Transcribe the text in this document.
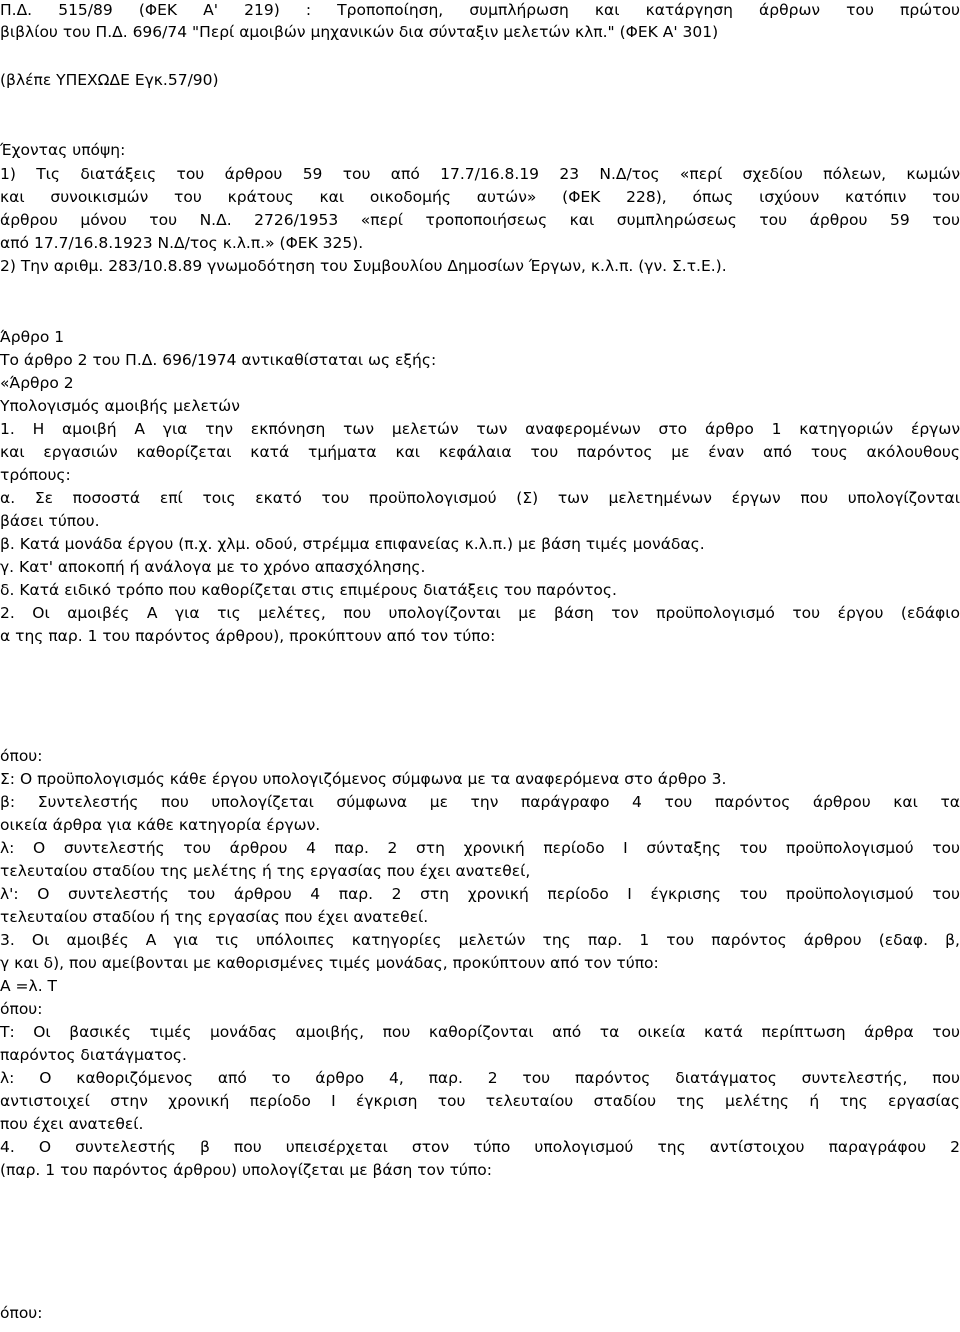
Π.Δ. 515/89 (ΦΕΚ Α' 219) : Τροποποίηση, συμπλήρωση και κατάργηση άρθρων του πρώτου
βιβλίου του Π.Δ. 696/74 "Περί αμοιβών μηχανικών δια σύνταξιν μελετών κλπ." (ΦΕΚ Α' 301)
(βλέπε ΥΠΕΧΩΔΕ Εγκ.57/90)
Έχοντας υπόψη:
1) Τις διατάξεις του άρθρου 59 του από 17.7/16.8.19 23 Ν.Δ/τος «περί σχεδίου πόλεων, κωμών
και συνοικισμών του κράτους και οικοδομής αυτών» (ΦΕΚ 228), όπως ισχύουν κατόπιν του
άρθρου μόνου του Ν.Δ. 2726/1953 «περί τροποποιήσεως και συμπληρώσεως του άρθρου 59 του
από 17.7/16.8.1923 Ν.Δ/τος κ.λ.π.» (ΦΕΚ 325).
2) Την αριθμ. 283/10.8.89 γνωμοδότηση του Συμβουλίου Δημοσίων Έργων, κ.λ.π. (γν. Σ.τ.Ε.).
Άρθρο 1
Το άρθρο 2 του Π.Δ. 696/1974 αντικαθίσταται ως εξής:
«Άρθρο 2
Υπολογισμός αμοιβής μελετών
1. Η αμοιβή Α για την εκπόνηση των μελετών των αναφερομένων στο άρθρο 1 κατηγοριών έργων
και εργασιών καθορίζεται κατά τμήματα και κεφάλαια του παρόντος με έναν από τους ακόλουθους
τρόπους:
α. Σε ποσοστά επί τοις εκατό του προϋπολογισμού (Σ) των μελετημένων έργων που υπολογίζονται
βάσει τύπου.
β. Κατά μονάδα έργου (π.χ. χλμ. οδού, στρέμμα επιφανείας κ.λ.π.) με βάση τιμές μονάδας.
γ. Κατ' αποκοπή ή ανάλογα με το χρόνο απασχόλησης.
δ. Κατά ειδικό τρόπο που καθορίζεται στις επιμέρους διατάξεις του παρόντος.
2. Οι αμοιβές Α για τις μελέτες, που υπολογίζονται με βάση τον προϋπολογισμό του έργου (εδάφιο
α της παρ. 1 του παρόντος άρθρου), προκύπτουν από τον τύπο:
όπου:
Σ: Ο προϋπολογισμός κάθε έργου υπολογιζόμενος σύμφωνα με τα αναφερόμενα στο άρθρο 3.
β: Συντελεστής που υπολογίζεται σύμφωνα με την παράγραφο 4 του παρόντος άρθρου και τα
οικεία άρθρα για κάθε κατηγορία έργων.
λ: Ο συντελεστής του άρθρου 4 παρ. 2 στη χρονική περίοδο Ι σύνταξης του προϋπολογισμού του
τελευταίου σταδίου της μελέτης ή της εργασίας που έχει ανατεθεί,
λ': Ο συντελεστής του άρθρου 4 παρ. 2 στη χρονική περίοδο Ι έγκρισης του προϋπολογισμού του
τελευταίου σταδίου ή της εργασίας που έχει ανατεθεί.
3. Οι αμοιβές Α για τις υπόλοιπες κατηγορίες μελετών της παρ. 1 του παρόντος άρθρου (εδαφ. β,
γ και δ), που αμείβονται με καθορισμένες τιμές μονάδας, προκύπτουν από τον τύπο:
Α =λ. Τ
όπου:
Τ: Οι βασικές τιμές μονάδας αμοιβής, που καθορίζονται από τα οικεία κατά περίπτωση άρθρα του
παρόντος διατάγματος.
λ: Ο καθοριζόμενος από το άρθρο 4, παρ. 2 του παρόντος διατάγματος συντελεστής, που
αντιστοιχεί στην χρονική περίοδο Ι έγκριση του τελευταίου σταδίου της μελέτης ή της εργασίας
που έχει ανατεθεί.
4. Ο συντελεστής β που υπεισέρχεται στον τύπο υπολογισμού της αντίστοιχου παραγράφου 2
(παρ. 1 του παρόντος άρθρου) υπολογίζεται με βάση τον τύπο:
όπου:
